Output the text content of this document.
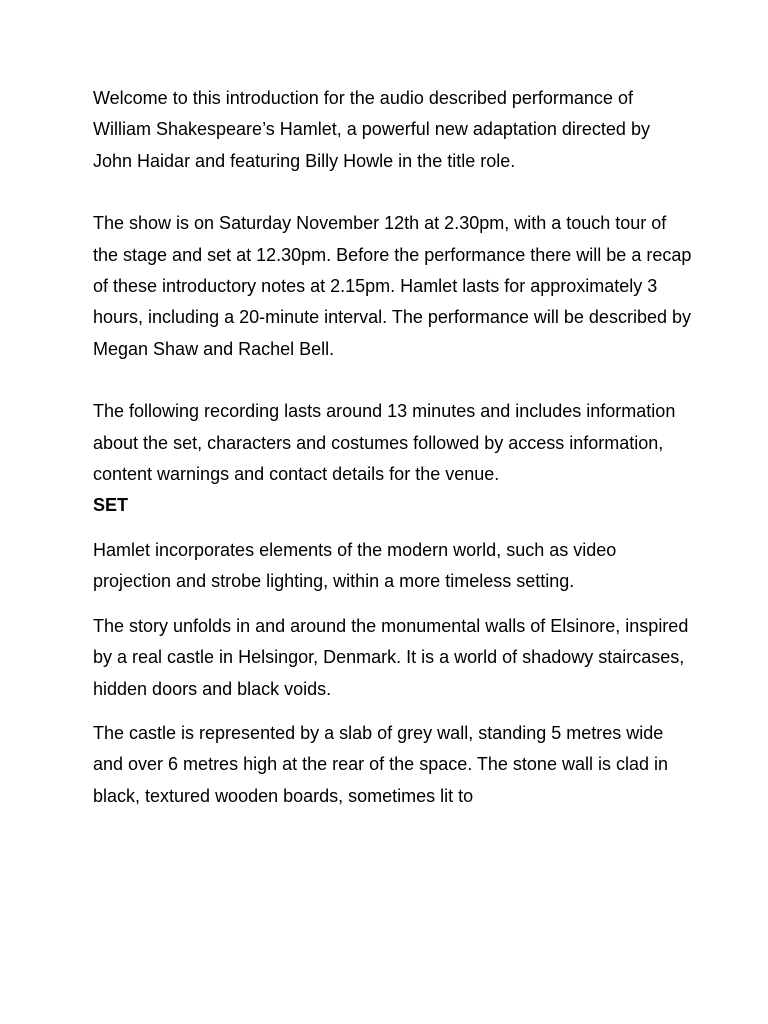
Welcome to this introduction for the audio described performance of William Shakespeare’s Hamlet, a powerful new adaptation directed by John Haidar and featuring Billy Howle in the title role.

The show is on Saturday November 12th at 2.30pm, with a touch tour of the stage and set at 12.30pm. Before the performance there will be a recap of these introductory notes at 2.15pm. Hamlet lasts for approximately 3 hours, including a 20-minute interval. The performance will be described by Megan Shaw and Rachel Bell.

The following recording lasts around 13 minutes and includes information about the set, characters and costumes followed by access information, content warnings and contact details for the venue.

SET

Hamlet incorporates elements of the modern world, such as video projection and strobe lighting, within a more timeless setting.

The story unfolds in and around the monumental walls of Elsinore, inspired by a real castle in Helsingor, Denmark. It is a world of shadowy staircases, hidden doors and black voids.

The castle is represented by a slab of grey wall, standing 5 metres wide and over 6 metres high at the rear of the space. The stone wall is clad in black, textured wooden boards, sometimes lit to
